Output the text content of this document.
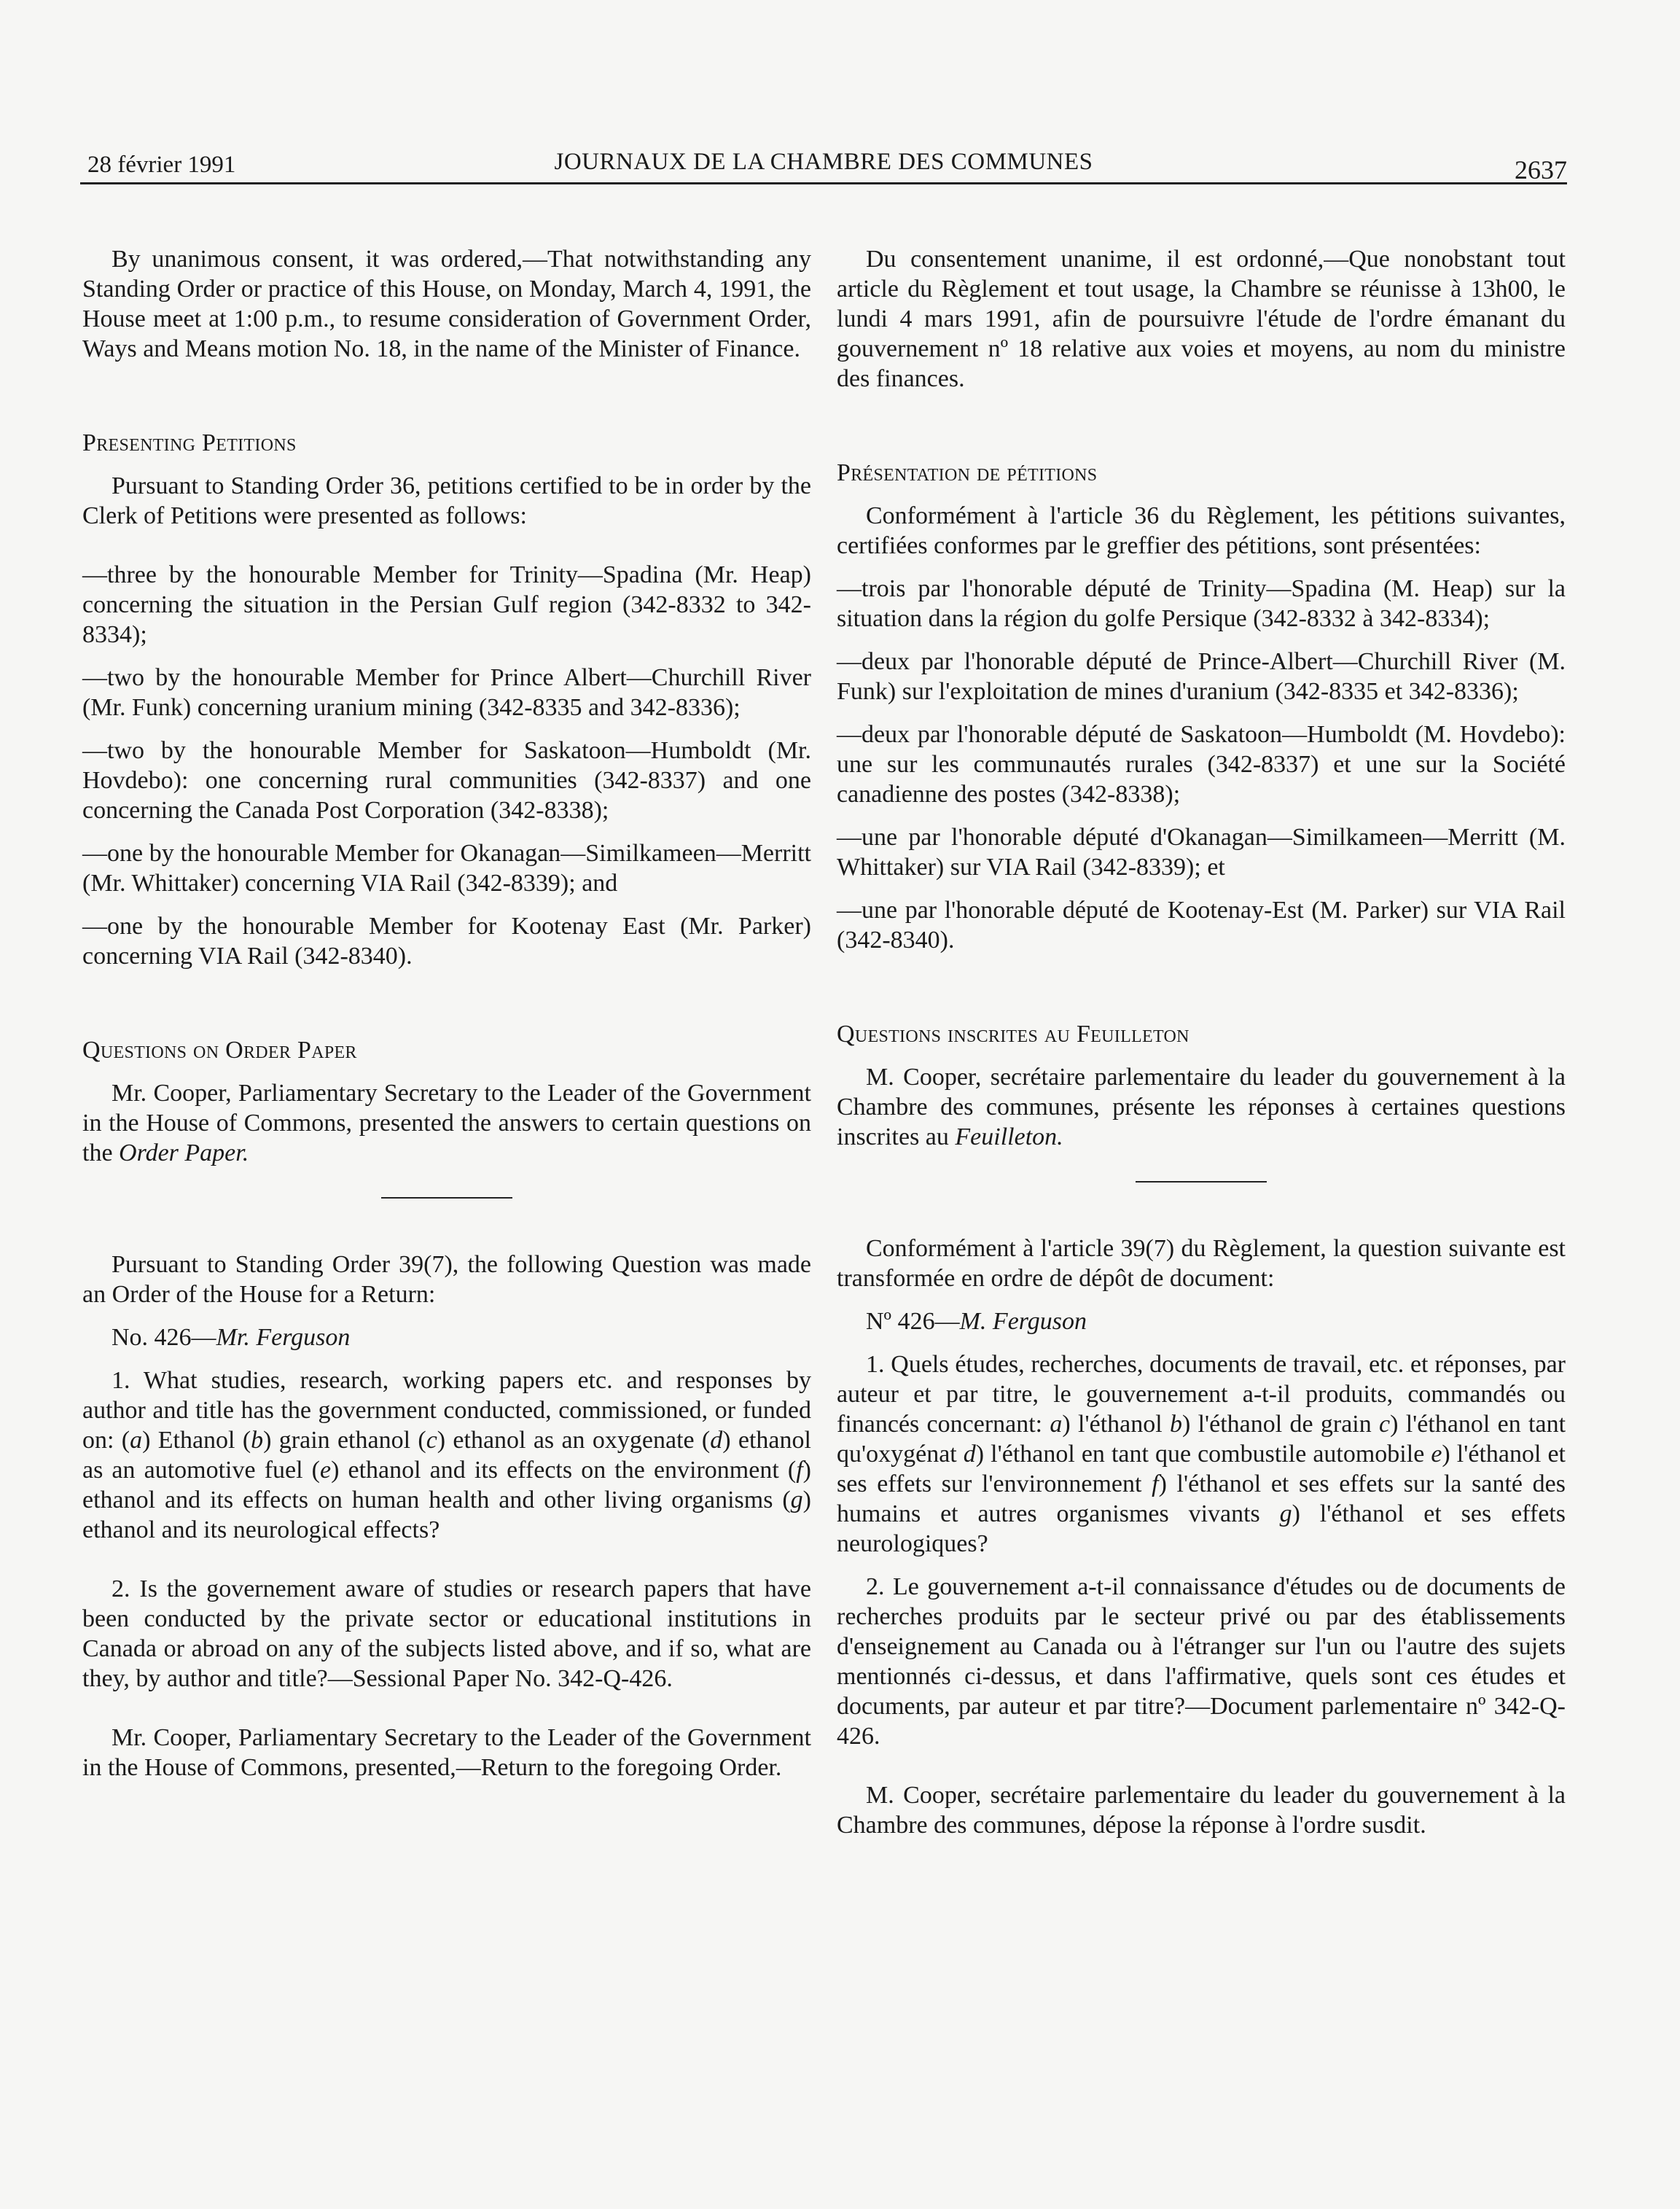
28 février 1991	JOURNAUX DE LA CHAMBRE DES COMMUNES	2637

By unanimous consent, it was ordered,—That notwithstanding any Standing Order or practice of this House, on Monday, March 4, 1991, the House meet at 1:00 p.m., to resume consideration of Government Order, Ways and Means motion No. 18, in the name of the Minister of Finance.

Presenting Petitions

Pursuant to Standing Order 36, petitions certified to be in order by the Clerk of Petitions were presented as follows:

—three by the honourable Member for Trinity—Spadina (Mr. Heap) concerning the situation in the Persian Gulf region (342-8332 to 342-8334);

—two by the honourable Member for Prince Albert—Churchill River (Mr. Funk) concerning uranium mining (342-8335 and 342-8336);

—two by the honourable Member for Saskatoon—Humboldt (Mr. Hovdebo): one concerning rural communities (342-8337) and one concerning the Canada Post Corporation (342-8338);

—one by the honourable Member for Okanagan—Similkameen—Merritt (Mr. Whittaker) concerning VIA Rail (342-8339); and

—one by the honourable Member for Kootenay East (Mr. Parker) concerning VIA Rail (342-8340).

Questions on Order Paper

Mr. Cooper, Parliamentary Secretary to the Leader of the Government in the House of Commons, presented the answers to certain questions on the Order Paper.

Pursuant to Standing Order 39(7), the following Question was made an Order of the House for a Return:

No. 426—Mr. Ferguson

1. What studies, research, working papers etc. and responses by author and title has the government conducted, commissioned, or funded on: (a) Ethanol (b) grain ethanol (c) ethanol as an oxygenate (d) ethanol as an automotive fuel (e) ethanol and its effects on the environment (f) ethanol and its effects on human health and other living organisms (g) ethanol and its neurological effects?

2. Is the governement aware of studies or research papers that have been conducted by the private sector or educational institutions in Canada or abroad on any of the subjects listed above, and if so, what are they, by author and title?—Sessional Paper No. 342-Q-426.

Mr. Cooper, Parliamentary Secretary to the Leader of the Government in the House of Commons, presented,—Return to the foregoing Order.

Du consentement unanime, il est ordonné,—Que nonobstant tout article du Règlement et tout usage, la Chambre se réunisse à 13h00, le lundi 4 mars 1991, afin de poursuivre l'étude de l'ordre émanant du gouvernement nº 18 relative aux voies et moyens, au nom du ministre des finances.

Présentation de pétitions

Conformément à l'article 36 du Règlement, les pétitions suivantes, certifiées conformes par le greffier des pétitions, sont présentées:

—trois par l'honorable député de Trinity—Spadina (M. Heap) sur la situation dans la région du golfe Persique (342-8332 à 342-8334);

—deux par l'honorable député de Prince-Albert—Churchill River (M. Funk) sur l'exploitation de mines d'uranium (342-8335 et 342-8336);

—deux par l'honorable député de Saskatoon—Humboldt (M. Hovdebo): une sur les communautés rurales (342-8337) et une sur la Société canadienne des postes (342-8338);

—une par l'honorable député d'Okanagan—Similkameen—Merritt (M. Whittaker) sur VIA Rail (342-8339); et

—une par l'honorable député de Kootenay-Est (M. Parker) sur VIA Rail (342-8340).

Questions inscrites au Feuilleton

M. Cooper, secrétaire parlementaire du leader du gouvernement à la Chambre des communes, présente les réponses à certaines questions inscrites au Feuilleton.

Conformément à l'article 39(7) du Règlement, la question suivante est transformée en ordre de dépôt de document:

Nº 426—M. Ferguson

1. Quels études, recherches, documents de travail, etc. et réponses, par auteur et par titre, le gouvernement a-t-il produits, commandés ou financés concernant: a) l'éthanol b) l'éthanol de grain c) l'éthanol en tant qu'oxygénat d) l'éthanol en tant que combustile automobile e) l'éthanol et ses effets sur l'environnement f) l'éthanol et ses effets sur la santé des humains et autres organismes vivants g) l'éthanol et ses effets neurologiques?

2. Le gouvernement a-t-il connaissance d'études ou de documents de recherches produits par le secteur privé ou par des établissements d'enseignement au Canada ou à l'étranger sur l'un ou l'autre des sujets mentionnés ci-dessus, et dans l'affirmative, quels sont ces études et documents, par auteur et par titre?—Document parlementaire nº 342-Q-426.

M. Cooper, secrétaire parlementaire du leader du gouvernement à la Chambre des communes, dépose la réponse à l'ordre susdit.
